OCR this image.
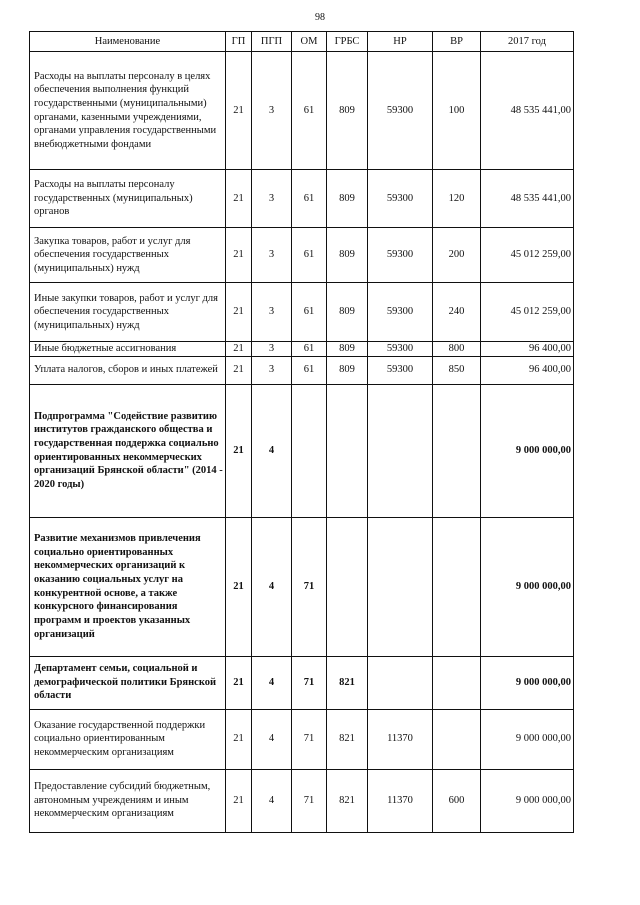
98
Наименование	ГП	ПГП	ОМ	ГРБС	НР	ВР	2017 год
Расходы на выплаты персоналу в целях обеспечения выполнения функций государственными (муниципальными) органами, казенными учреждениями, органами управления государственными внебюджетными фондами	21	3	61	809	59300	100	48 535 441,00
Расходы на выплаты персоналу государственных (муниципальных) органов	21	3	61	809	59300	120	48 535 441,00
Закупка товаров, работ и услуг для обеспечения государственных (муниципальных) нужд	21	3	61	809	59300	200	45 012 259,00
Иные закупки товаров, работ и услуг для обеспечения государственных (муниципальных) нужд	21	3	61	809	59300	240	45 012 259,00
Иные бюджетные ассигнования	21	3	61	809	59300	800	96 400,00
Уплата налогов, сборов и иных платежей	21	3	61	809	59300	850	96 400,00
Подпрограмма "Содействие развитию институтов гражданского общества и государственная поддержка социально ориентированных некоммерческих организаций Брянской области" (2014 - 2020 годы)	21	4					9 000 000,00
Развитие механизмов привлечения социально ориентированных некоммерческих организаций к оказанию социальных услуг на конкурентной основе, а также конкурсного финансирования программ и проектов указанных организаций	21	4	71				9 000 000,00
Департамент семьи, социальной и демографической политики Брянской области	21	4	71	821			9 000 000,00
Оказание государственной поддержки социально ориентированным некоммерческим организациям	21	4	71	821	11370		9 000 000,00
Предоставление субсидий бюджетным, автономным учреждениям и иным некоммерческим организациям	21	4	71	821	11370	600	9 000 000,00
